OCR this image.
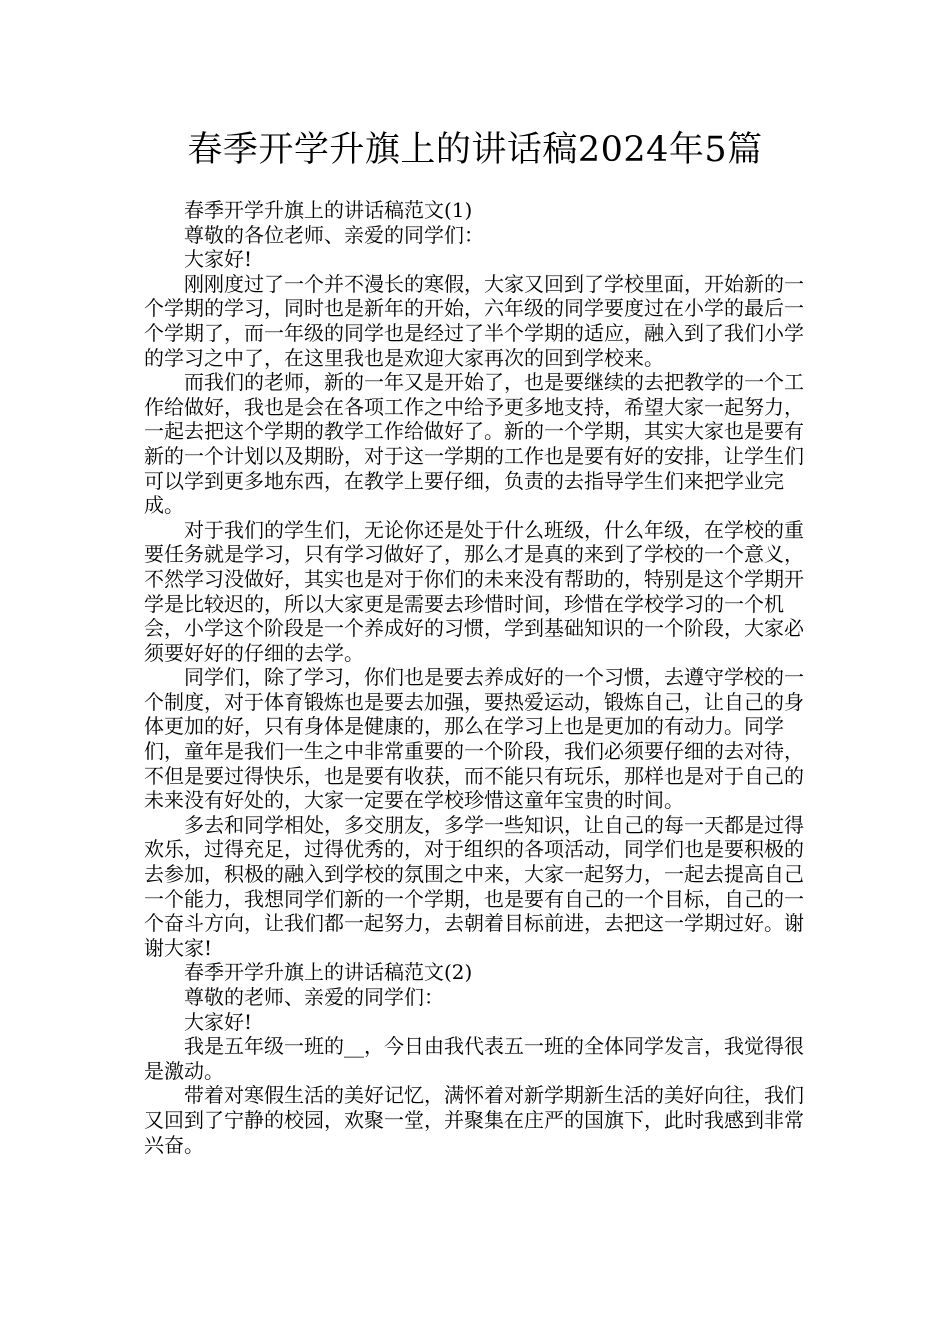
春季开学升旗上的讲话稿2024年5篇

春季开学升旗上的讲话稿范文(1)

尊敬的各位老师、亲爱的同学们：

大家好!

刚刚度过了一个并不漫长的寒假，大家又回到了学校里面，开始新的一个学期的学习，同时也是新年的开始，六年级的同学要度过在小学的最后一个学期了，而一年级的同学也是经过了半个学期的适应，融入到了我们小学的学习之中了，在这里我也是欢迎大家再次的回到学校来。

而我们的老师，新的一年又是开始了，也是要继续的去把教学的一个工作给做好，我也是会在各项工作之中给予更多地支持，希望大家一起努力，一起去把这个学期的教学工作给做好了。新的一个学期，其实大家也是要有新的一个计划以及期盼，对于这一学期的工作也是要有好的安排，让学生们可以学到更多地东西，在教学上要仔细，负责的去指导学生们来把学业完成。

对于我们的学生们，无论你还是处于什么班级，什么年级，在学校的重要任务就是学习，只有学习做好了，那么才是真的来到了学校的一个意义，不然学习没做好，其实也是对于你们的未来没有帮助的，特别是这个学期开学是比较迟的，所以大家更是需要去珍惜时间，珍惜在学校学习的一个机会，小学这个阶段是一个养成好的习惯，学到基础知识的一个阶段，大家必须要好好的仔细的去学。

同学们，除了学习，你们也是要去养成好的一个习惯，去遵守学校的一个制度，对于体育锻炼也是要去加强，要热爱运动，锻炼自己，让自己的身体更加的好，只有身体是健康的，那么在学习上也是更加的有动力。同学们，童年是我们一生之中非常重要的一个阶段，我们必须要仔细的去对待，不但是要过得快乐，也是要有收获，而不能只有玩乐，那样也是对于自己的未来没有好处的，大家一定要在学校珍惜这童年宝贵的时间。

多去和同学相处，多交朋友，多学一些知识，让自己的每一天都是过得欢乐，过得充足，过得优秀的，对于组织的各项活动，同学们也是要积极的去参加，积极的融入到学校的氛围之中来，大家一起努力，一起去提高自己一个能力，我想同学们新的一个学期，也是要有自己的一个目标，自己的一个奋斗方向，让我们都一起努力，去朝着目标前进，去把这一学期过好。谢谢大家!

春季开学升旗上的讲话稿范文(2)

尊敬的老师、亲爱的同学们：

大家好!

我是五年级一班的__，今日由我代表五一班的全体同学发言，我觉得很是激动。

带着对寒假生活的美好记忆，满怀着对新学期新生活的美好向往，我们又回到了宁静的校园，欢聚一堂，并聚集在庄严的国旗下，此时我感到非常兴奋。
